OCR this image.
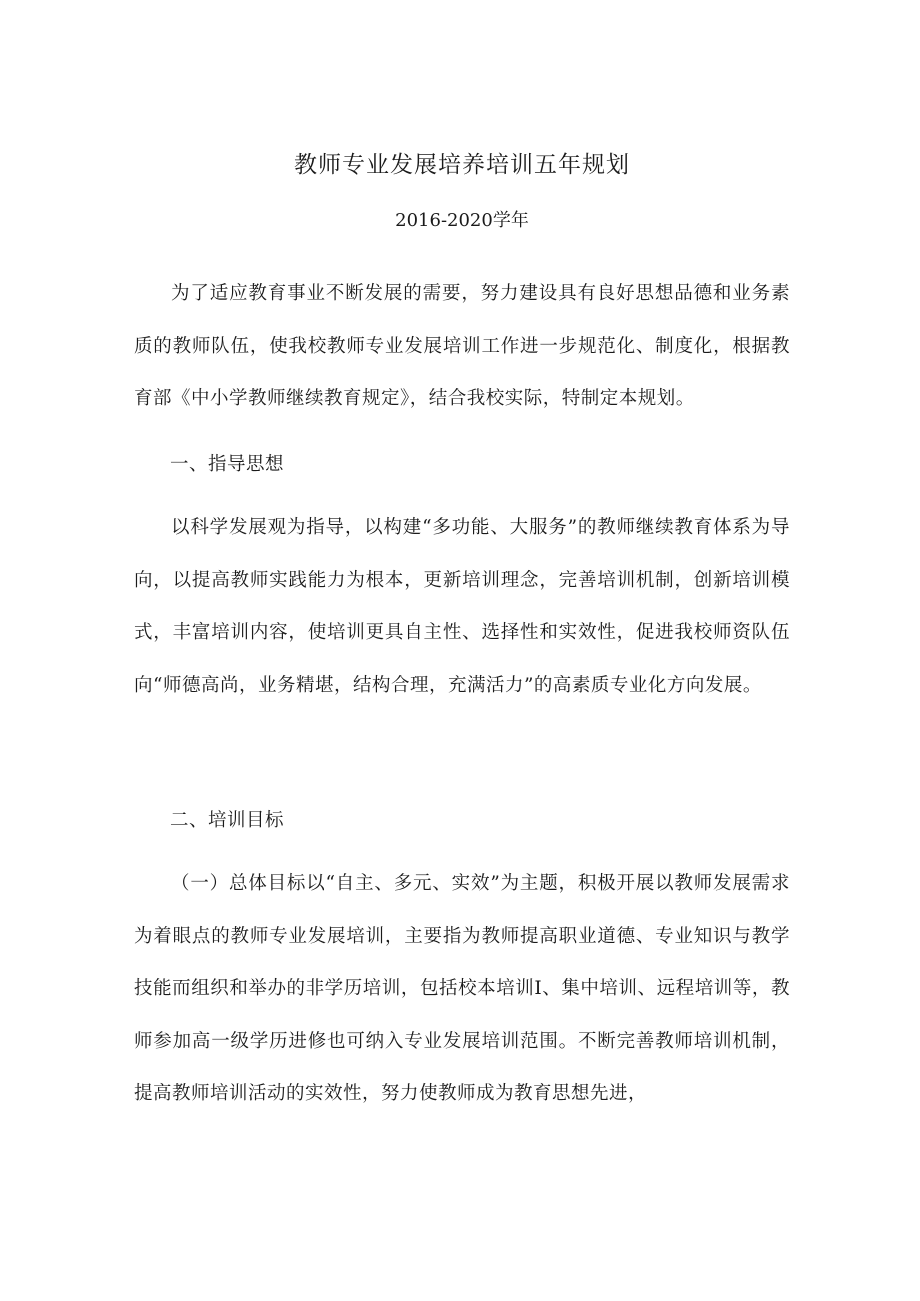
教师专业发展培养培训五年规划
2016-2020学年

为了适应教育事业不断发展的需要，努力建设具有良好思想品德和业务素质的教师队伍，使我校教师专业发展培训工作进一步规范化、制度化，根据教育部《中小学教师继续教育规定》，结合我校实际，特制定本规划。

一、指导思想

以科学发展观为指导，以构建“多功能、大服务”的教师继续教育体系为导向，以提高教师实践能力为根本，更新培训理念，完善培训机制，创新培训模式，丰富培训内容，使培训更具自主性、选择性和实效性，促进我校师资队伍向“师德高尚，业务精堪，结构合理，充满活力”的高素质专业化方向发展。

二、培训目标

（一）总体目标以“自主、多元、实效”为主题，积极开展以教师发展需求为着眼点的教师专业发展培训，主要指为教师提高职业道德、专业知识与教学技能而组织和举办的非学历培训，包括校本培训Ⅰ、集中培训、远程培训等，教师参加高一级学历进修也可纳入专业发展培训范围。不断完善教师培训机制，提高教师培训活动的实效性，努力使教师成为教育思想先进，
